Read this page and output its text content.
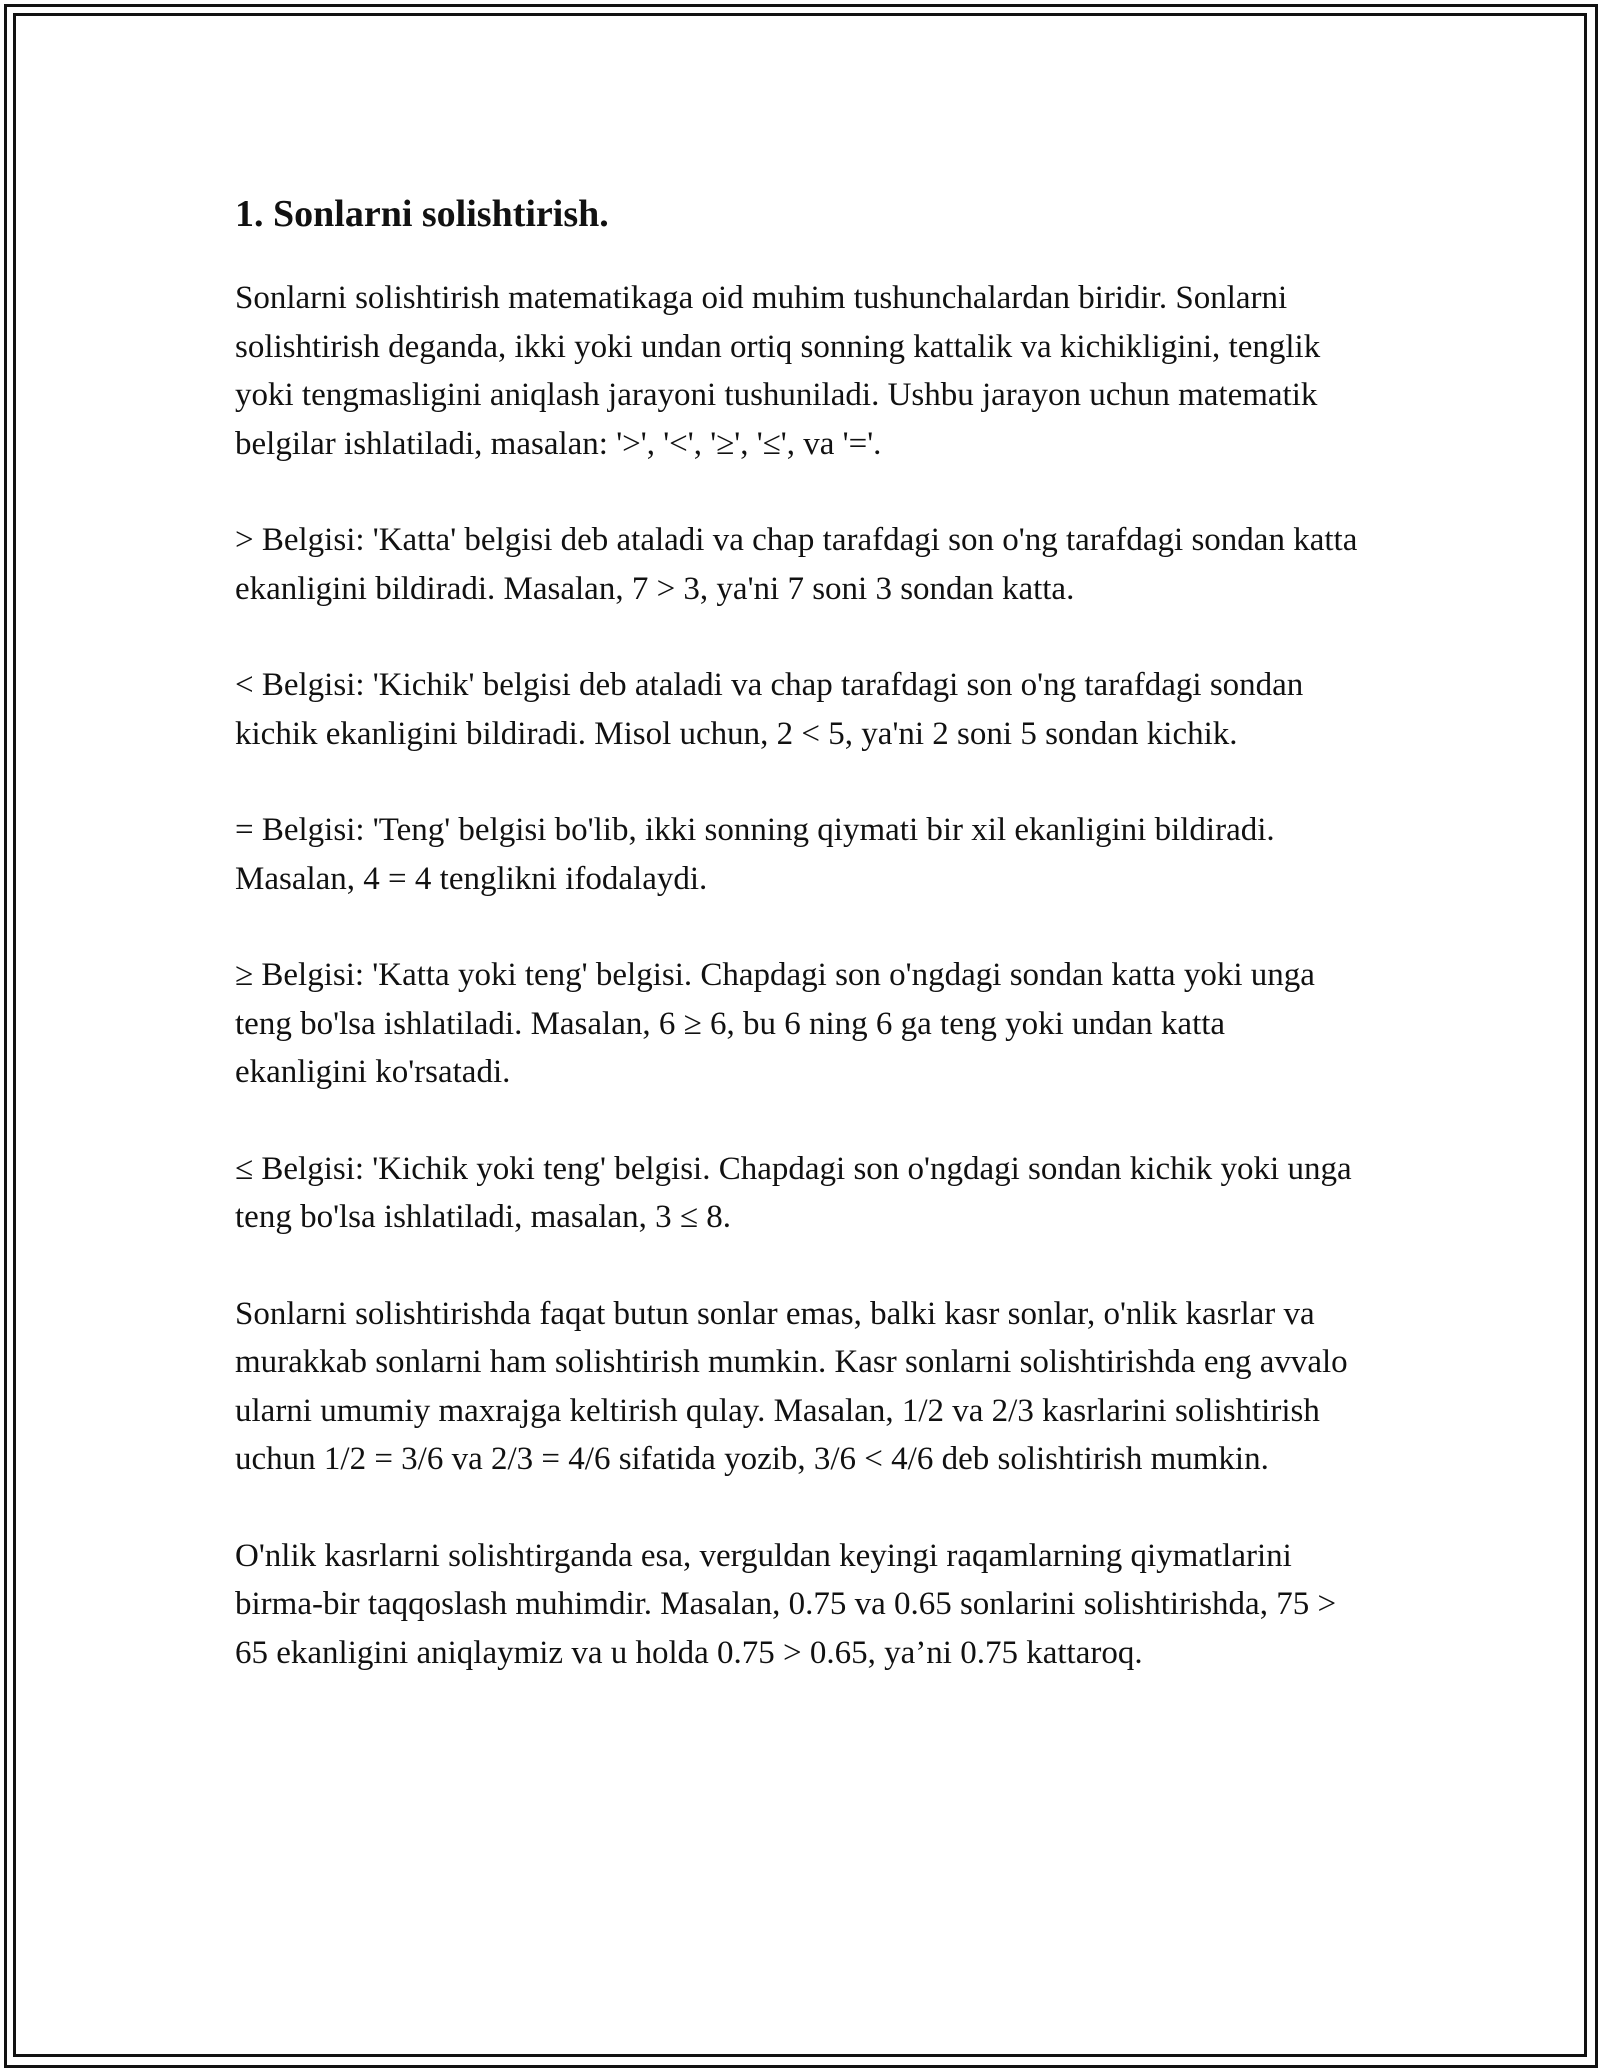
1. Sonlarni solishtirish.

Sonlarni solishtirish matematikaga oid muhim tushunchalardan biridir. Sonlarni solishtirish deganda, ikki yoki undan ortiq sonning kattalik va kichikligini, tenglik yoki tengmasligini aniqlash jarayoni tushuniladi. Ushbu jarayon uchun matematik belgilar ishlatiladi, masalan: '>', '<', '≥', '≤', va '='.

> Belgisi: 'Katta' belgisi deb ataladi va chap tarafdagi son o'ng tarafdagi sondan katta ekanligini bildiradi. Masalan, 7 > 3, ya'ni 7 soni 3 sondan katta.

< Belgisi: 'Kichik' belgisi deb ataladi va chap tarafdagi son o'ng tarafdagi sondan kichik ekanligini bildiradi. Misol uchun, 2 < 5, ya'ni 2 soni 5 sondan kichik.

= Belgisi: 'Teng' belgisi bo'lib, ikki sonning qiymati bir xil ekanligini bildiradi. Masalan, 4 = 4 tenglikni ifodalaydi.

≥ Belgisi: 'Katta yoki teng' belgisi. Chapdagi son o'ngdagi sondan katta yoki unga teng bo'lsa ishlatiladi. Masalan, 6 ≥ 6, bu 6 ning 6 ga teng yoki undan katta ekanligini ko'rsatadi.

≤ Belgisi: 'Kichik yoki teng' belgisi. Chapdagi son o'ngdagi sondan kichik yoki unga teng bo'lsa ishlatiladi, masalan, 3 ≤ 8.

Sonlarni solishtirishda faqat butun sonlar emas, balki kasr sonlar, o'nlik kasrlar va murakkab sonlarni ham solishtirish mumkin. Kasr sonlarni solishtirishda eng avvalo ularni umumiy maxrajga keltirish qulay. Masalan, 1/2 va 2/3 kasrlarini solishtirish uchun 1/2 = 3/6 va 2/3 = 4/6 sifatida yozib, 3/6 < 4/6 deb solishtirish mumkin.

O'nlik kasrlarni solishtirganda esa, verguldan keyingi raqamlarning qiymatlarini birma-bir taqqoslash muhimdir. Masalan, 0.75 va 0.65 sonlarini solishtirishda, 75 > 65 ekanligini aniqlaymiz va u holda 0.75 > 0.65, ya’ni 0.75 kattaroq.
